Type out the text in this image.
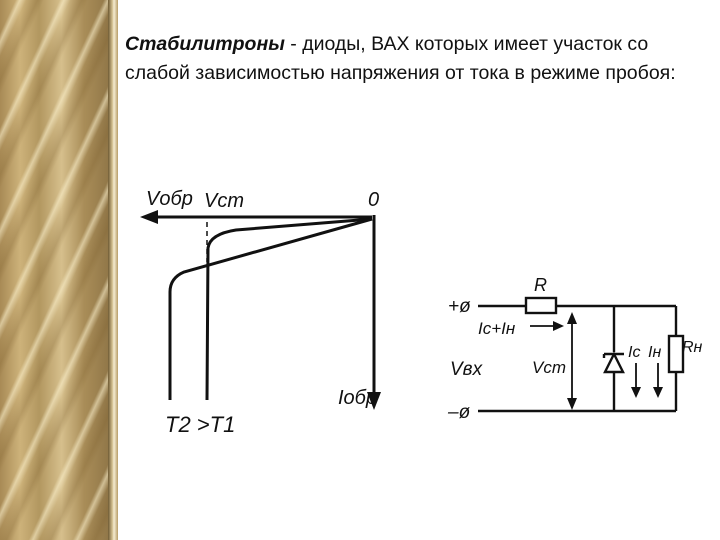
Стабилитроны - диоды, ВАХ которых имеет участок со слабой зависимостью напряжения от тока в режиме пробоя:

Vобр Vст	0
Iобр
T2 >T1
R
+ø
–ø
Iс+Iн
Vвх	Vст
Iс Iн Rн
